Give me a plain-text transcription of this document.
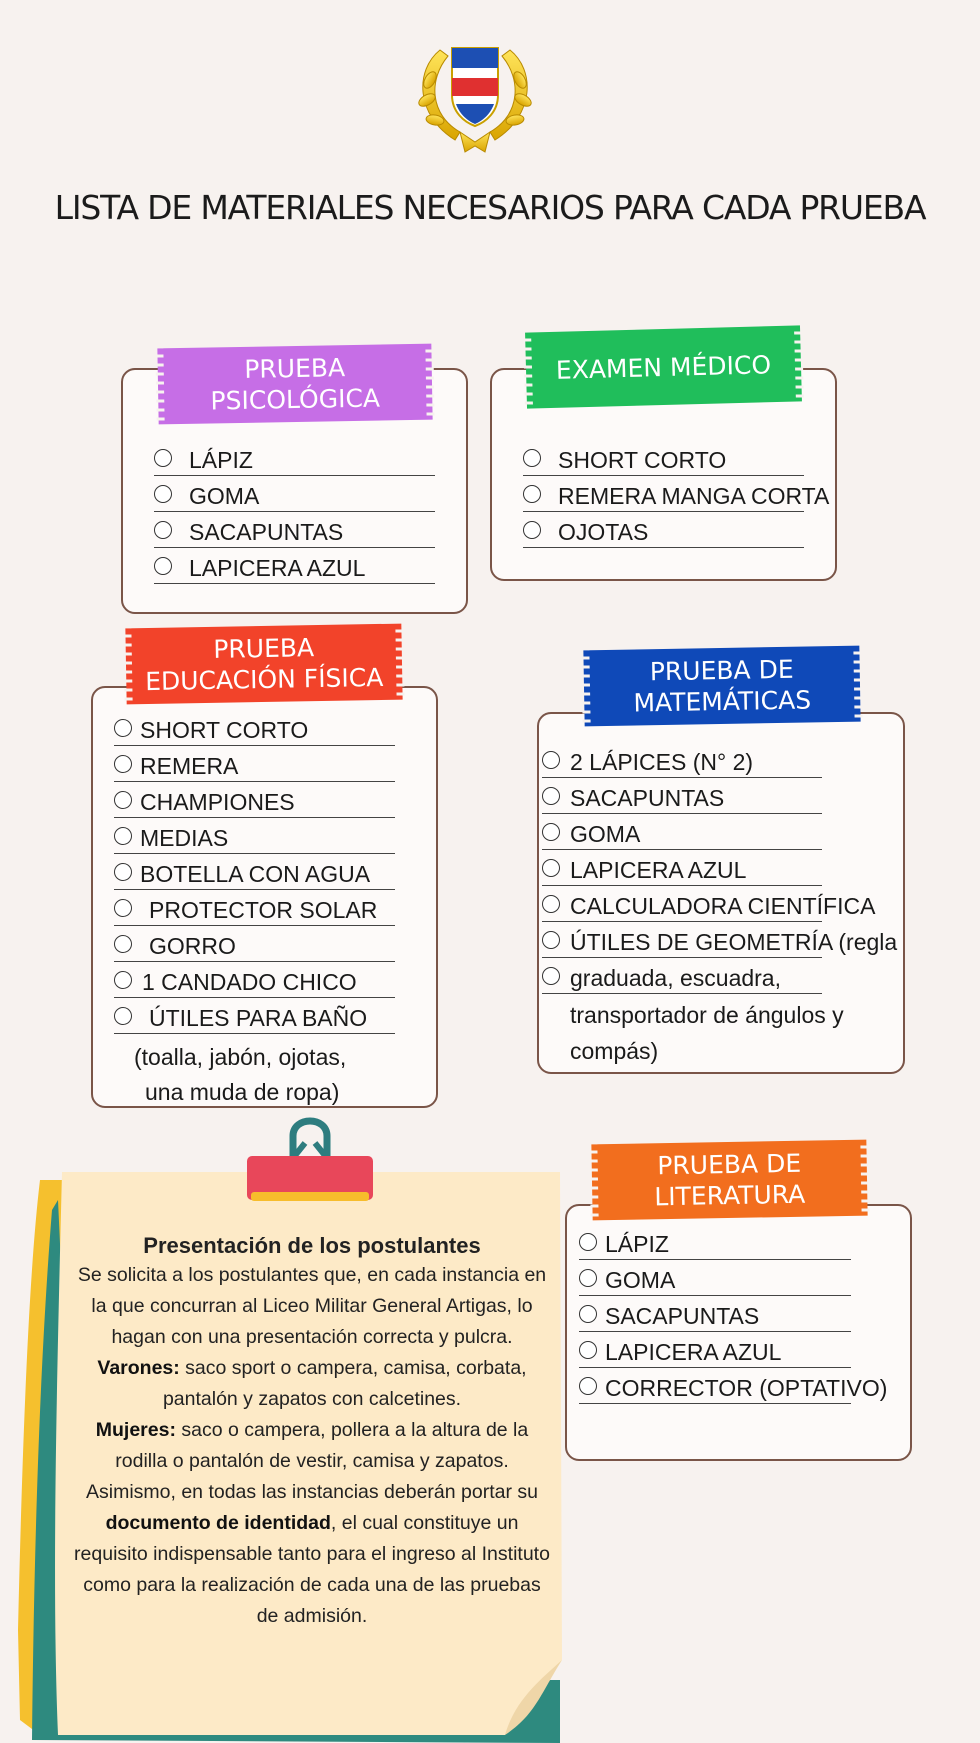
LISTA DE MATERIALES NECESARIOS PARA CADA PRUEBA
PRUEBA
PSICOLÓGICA
LÁPIZ
GOMA
SACAPUNTAS
LAPICERA AZUL
EXAMEN MÉDICO
SHORT CORTO
REMERA MANGA CORTA
OJOTAS
PRUEBA
EDUCACIÓN FÍSICA
SHORT CORTO
REMERA
CHAMPIONES
MEDIAS
BOTELLA CON AGUA
PROTECTOR SOLAR
GORRO
1 CANDADO CHICO
ÚTILES PARA BAÑO
(toalla, jabón, ojotas,
una muda de ropa)
PRUEBA DE
MATEMÁTICAS
2 LÁPICES (N° 2)
SACAPUNTAS
GOMA
LAPICERA AZUL
CALCULADORA CIENTÍFICA
ÚTILES DE GEOMETRÍA (regla
graduada, escuadra,
transportador de ángulos y
compás)
PRUEBA DE
LITERATURA
LÁPIZ
GOMA
SACAPUNTAS
LAPICERA AZUL
CORRECTOR (OPTATIVO)
Presentación de los postulantes
Se solicita a los postulantes que, en cada instancia en la que concurran al Liceo Militar General Artigas, lo hagan con una presentación correcta y pulcra.
Varones: saco sport o campera, camisa, corbata, pantalón y zapatos con calcetines.
Mujeres: saco o campera, pollera a la altura de la rodilla o pantalón de vestir, camisa y zapatos.
Asimismo, en todas las instancias deberán portar su documento de identidad, el cual constituye un requisito indispensable tanto para el ingreso al Instituto como para la realización de cada una de las pruebas de admisión.
